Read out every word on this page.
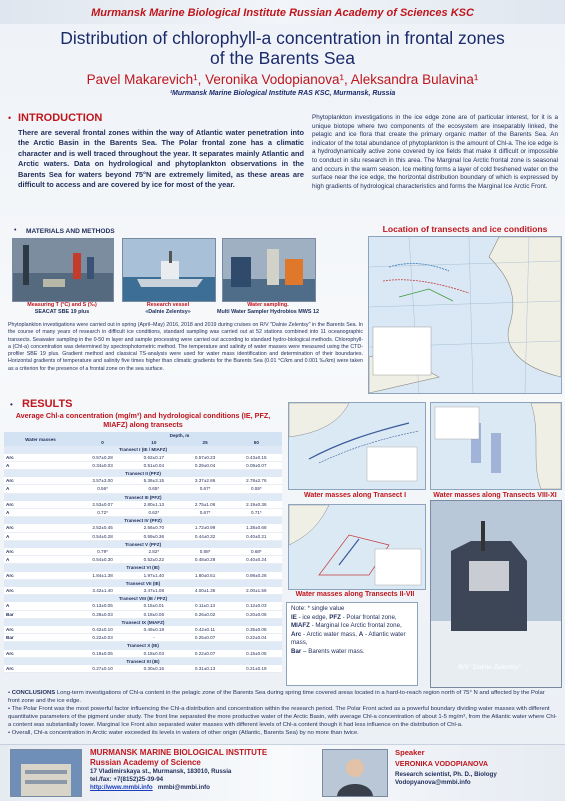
Murmansk Marine Biological Institute Russian Academy of Sciences KSC
Distribution of chlorophyll-a concentration in frontal zones
of the Barents Sea
Pavel Makarevich¹, Veronika Vodopianova¹, Aleksandra Bulavina¹
¹Murmansk Marine Biological Institute RAS KSC, Murmansk, Russia
• INTRODUCTION
There are several frontal zones within the way of Atlantic water penetration into the Arctic Basin in the Barents Sea. The Polar frontal zone has a climatic character and is well traced throughout the year. It separates mainly Atlantic and Arctic waters. Data on hydrological and phytoplankton observations in the Barents Sea for waters beyond 75°N are extremely limited, as these areas are difficult to access and are covered by ice for most of the year.
Phytoplankton investigations in the ice edge zone are of particular interest, for it is a unique biotope where two components of the ecosystem are inseparably linked, the pelagic and ice flora that create the primary organic matter of the Barents Sea. An indicator of the total abundance of phytoplankton is the amount of Chl-a. The ice edge is a hydrodynamically active zone covered by ice fields that make it difficult or impossible to conduct in situ research in this area. The Marginal Ice Arctic frontal zone is seasonal and occurs in the warm season. Ice melting forms a layer of cold freshened water on the surface near the ice edge, the horizontal distribution boundary of which is expressed by high gradients of hydrological characteristics and forms the Marginal Ice Arctic Front.
• MATERIALS AND METHODS
Measuring T (°C) and S (‰)
SEACAT SBE 19 plus
Research vessel
«Dalnie Zelentsy»
Water sampling.
Multi Water Sampler Hydrobios MWS 12
Phytoplankton investigations were carried out in spring (April–May) 2016, 2018 and 2019 during cruises on R/V "Dalnie Zelentsy" in the Barents Sea. In the course of many years of research in difficult ice conditions, standard sampling was carried out at 52 stations combined into 11 oceanographic transects. Seawater sampling in the 0-50 m layer and sample processing were carried out according to standard hydro-biological methods. Chlorophyll-a (Chl-a) concentration was determined by spectrophotometric method. The temperature and salinity of water masses were measured using the CTD-profiler SBE 19 plus. Gradient method and classical TS-analysis were used for water mass identification and determination of their boundaries. Horizontal gradients of temperature and salinity five times higher than climatic gradients for the Barents Sea (0.01 °C/km and 0.001 ‰/km) were taken as a criterion for the presence of a frontal zone on the sea surface.
Location of transects and ice conditions
• RESULTS
Average Chl-a concentration (mg/m³) and hydrological conditions (IE, PFZ, MIAFZ) along transects
Water masses	Depth, m			
	0	10	25	50
Transect I (IE / MIAFZ)				
Arc	0.57±0.28	0.62±0.17	0.57±0.23	0.43±0.15
A	0.34±0.03	0.51±0.04	0.29±0.04	0.08±0.07
Transect II (PFZ)				
Arc	3.57±3.00	5.36±3.15	3.37±2.86	2.78±2.76
A	0.56*	0.65*	0.67*	0.55*
Transect III (PFZ)				
Arc	2.53±0.07	2.80±1.13	2.75±1.06	2.19±0.36
A	0.72*	0.62*	0.67*	0.71*
Transect IV (PFZ)				
Arc	2.52±0.45	2.56±0.70	1.72±0.99	1.38±0.68
A	0.54±0.28	0.59±0.36	0.44±0.32	0.40±0.21
Transect V (PFZ)				
Arc	0.79*	2.82*	0.88*	0.68*
A	0.54±0.30	0.52±0.22	0.48±0.28	0.40±0.24
Transect VI (IE)				
Arc	1.84±1.38	1.97±1.40	1.80±0.51	0.98±0.26
Transect VII (IE)				
Arc	3.42±1.40	3.47±1.08	4.00±1.36	2.00±1.56
Transect VIII (IE / PFZ)				
A	0.13±0.05	0.15±0.01	0.11±0.13	0.12±0.03
Bar	0.28±0.03	0.18±0.06	0.26±0.02	0.20±0.06
Transect IX (MIAFZ)				
Arc	0.42±0.10	0.49±0.19	0.42±0.11	0.35±0.08
Bar	0.22±0.03	-	0.25±0.07	0.22±0.04
Transect X (IE)				
Arc	0.18±0.05	0.18±0.03	0.22±0.07	0.15±0.05
Transect XI (IE)				
Arc	0.27±0.10	0.30±0.15	0.31±0.13	0.21±0.19
Water masses along Transect I	Water masses along Transects VIII-XI
Water masses along Transects II-VII
R/V "Dalnie Zelentsy"
Note: * single value
IE - ice edge, PFZ - Polar frontal zone,
MIAFZ - Marginal Ice Arctic frontal zone,
Arc - Arctic water mass, A - Atlantic water mass,
Bar – Barents water mass.
• CONCLUSIONS Long-term investigations of Chl-a content in the pelagic zone of the Barents Sea during spring time covered areas located in a hard-to-reach region north of 75° N and affected by the Polar front zone and the ice edge.
• The Polar Front was the most powerful factor influencing the Chl-a distribution and concentration within the research period. The Polar Front acted as a powerful boundary dividing water masses with different quantitative parameters of the pigment under study. The front line separated the more productive water of the Arctic Basin, with average Chl-a concentration of about 1-5 mg/m³, from the Atlantic water where Chl-a content was substantially lower. Marginal Ice Front also separated water masses with different levels of Chl-a content though it had less influence on the distribution of Chl-a.
• Overall, Chl-a concentration in Arctic water exceeded its levels in waters of other origin (Atlantic, Barents Sea) by no more than twice.
MURMANSK MARINE BIOLOGICAL INSTITUTE
Russian Academy of Science
17 Vladimirskaya st., Murmansk, 183010, Russia
tel./fax: +7(8152)25-39-94
http://www.mmbi.info mmbi@mmbi.info
Speaker
VERONIKA VODOPIANOVA
Research scientist, Ph. D., Biology
Vodopyanova@mmbi.info
